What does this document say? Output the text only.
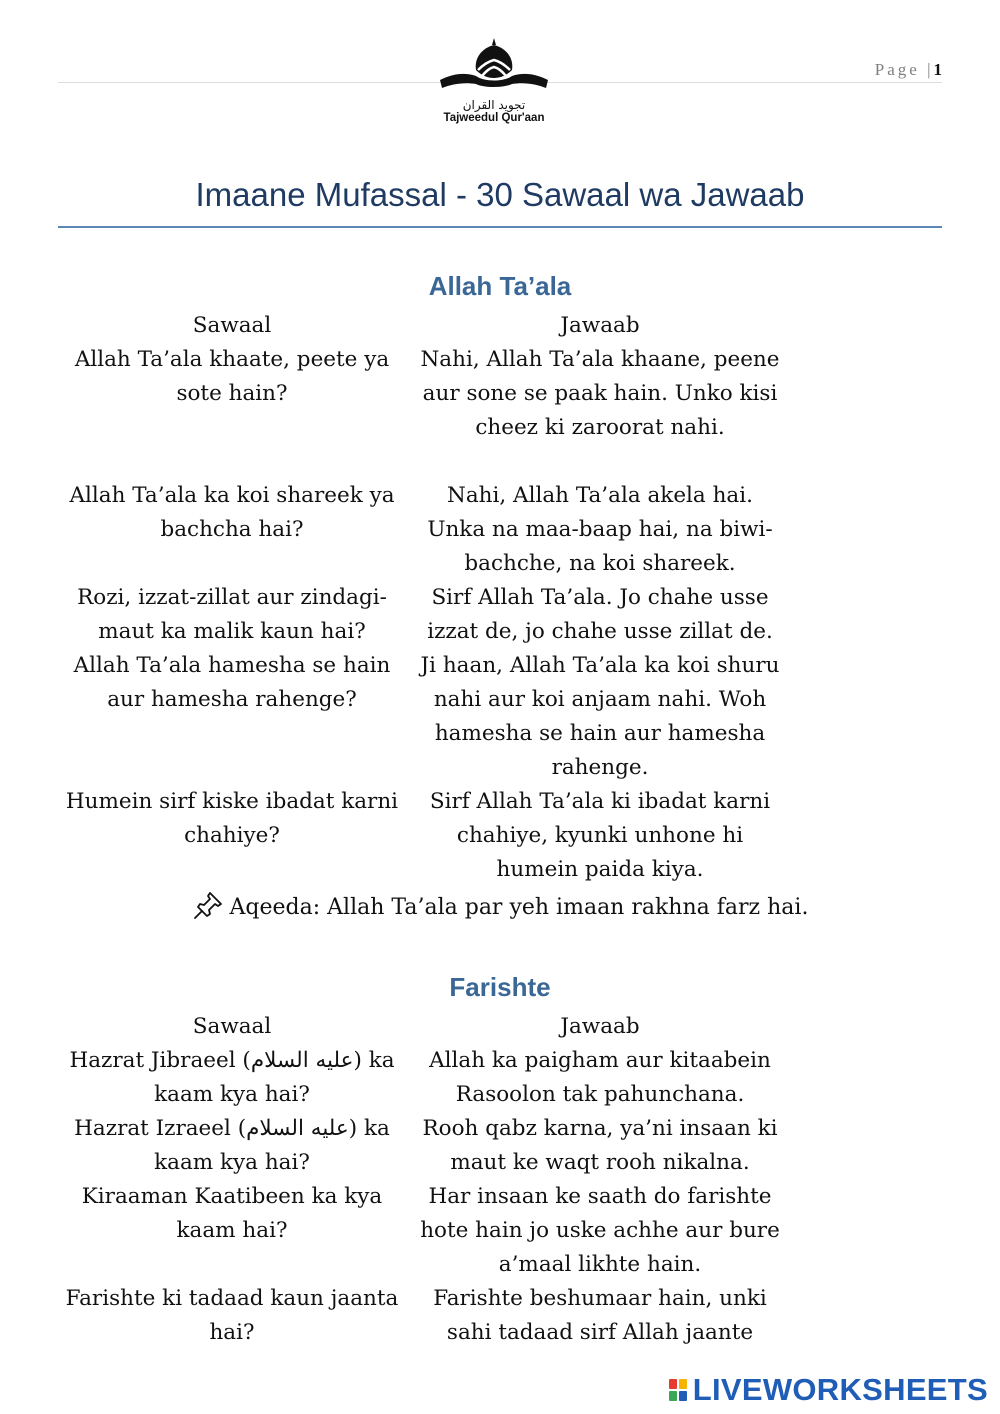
Page |1
تجويد القران
Tajweedul Qur'aan
Imaane Mufassal - 30 Sawaal wa Jawaab
Allah Ta’ala
Sawaal	Jawaab
Allah Ta’ala khaate, peete ya sote hain?
Nahi, Allah Ta’ala khaane, peene aur sone se paak hain. Unko kisi cheez ki zaroorat nahi.
Allah Ta’ala ka koi shareek ya bachcha hai?
Nahi, Allah Ta’ala akela hai. Unka na maa-baap hai, na biwi-bachche, na koi shareek.
Rozi, izzat-zillat aur zindagi-maut ka malik kaun hai?
Sirf Allah Ta’ala. Jo chahe usse izzat de, jo chahe usse zillat de.
Allah Ta’ala hamesha se hain aur hamesha rahenge?
Ji haan, Allah Ta’ala ka koi shuru nahi aur koi anjaam nahi. Woh hamesha se hain aur hamesha rahenge.
Humein sirf kiske ibadat karni chahiye?
Sirf Allah Ta’ala ki ibadat karni chahiye, kyunki unhone hi humein paida kiya.
Aqeeda: Allah Ta’ala par yeh imaan rakhna farz hai.
Farishte
Sawaal	Jawaab
Hazrat Jibraeel (عليه السلام) ka kaam kya hai?
Allah ka paigham aur kitaabein Rasoolon tak pahunchana.
Hazrat Izraeel (عليه السلام) ka kaam kya hai?
Rooh qabz karna, ya’ni insaan ki maut ke waqt rooh nikalna.
Kiraaman Kaatibeen ka kya kaam hai?
Har insaan ke saath do farishte hote hain jo uske achhe aur bure a’maal likhte hain.
Farishte ki tadaad kaun jaanta hai?
Farishte beshumaar hain, unki sahi tadaad sirf Allah jaante
LIVEWORKSHEETS
